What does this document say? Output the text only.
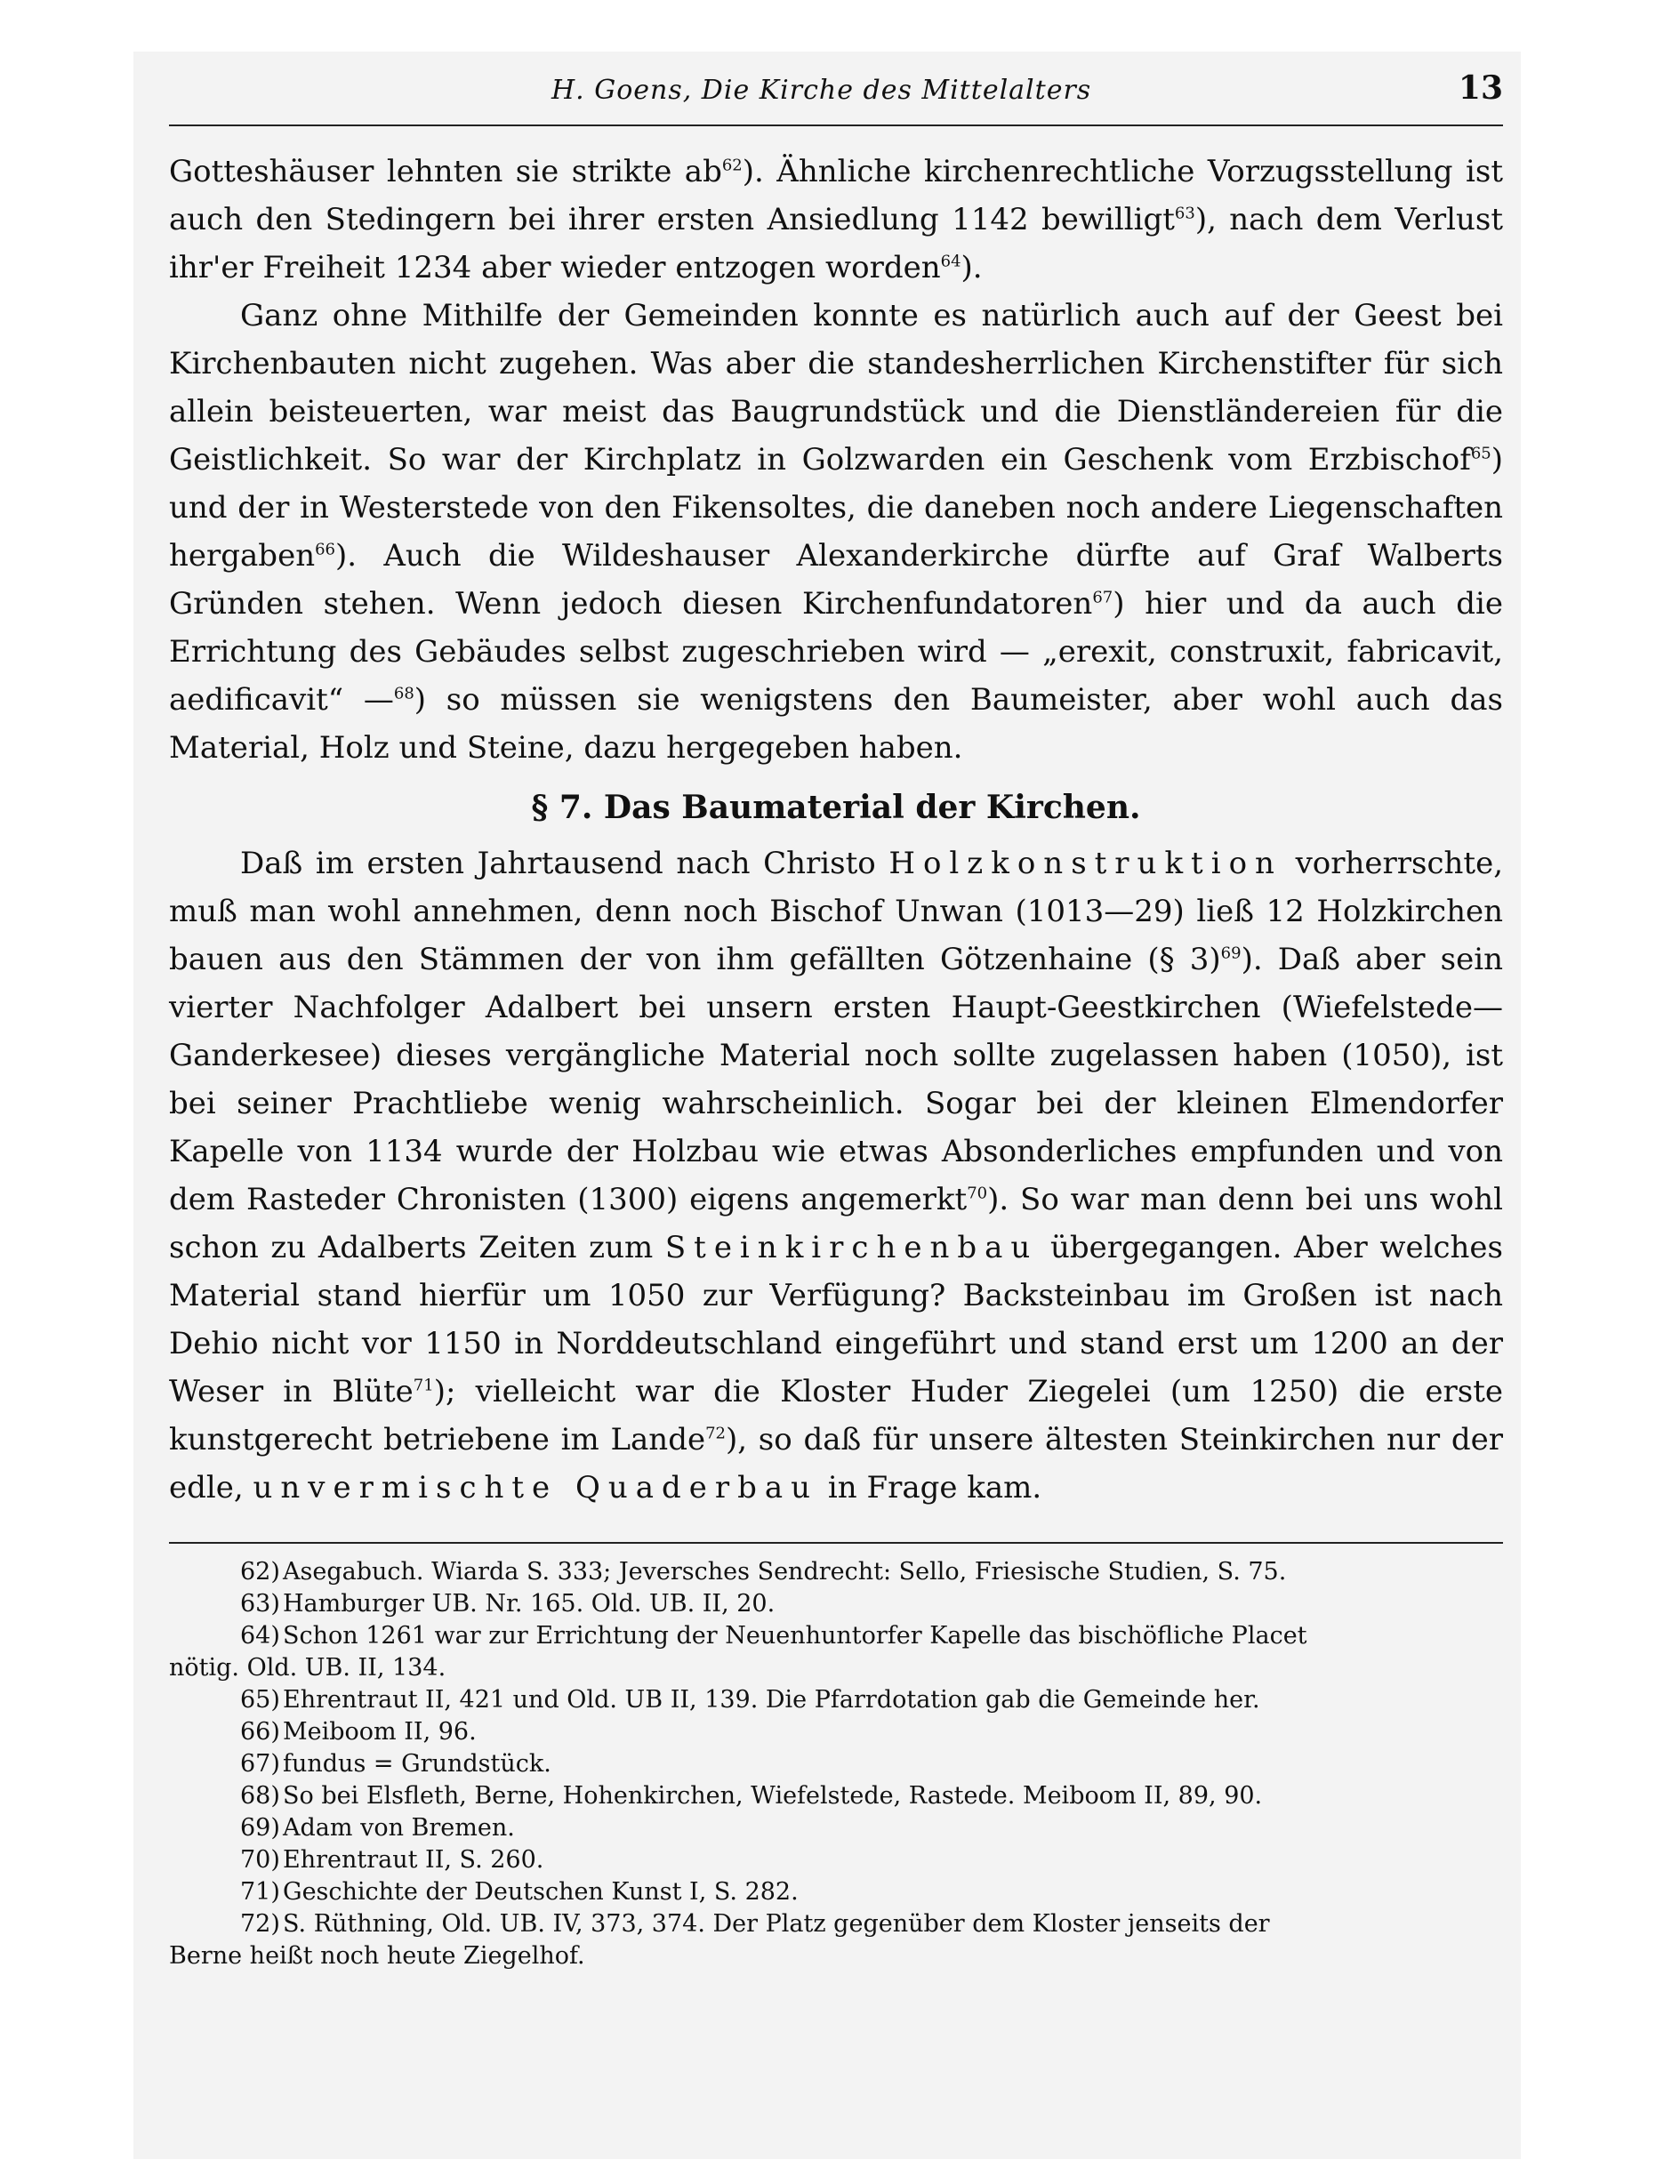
H. Goens, Die Kirche des Mittelalters	13

Gotteshäuser lehnten sie strikte $ab^{62}$). Ähnliche kirchenrechtliche Vorzugsstellung ist auch den Stedingern bei ihrer ersten Ansiedlung 1142 bewilligt$^{63}$), nach dem Verlust ihr'er Freiheit 1234 aber wieder entzogen worden$^{64}$).

Ganz ohne Mithilfe der Gemeinden konnte es natürlich auch auf der Geest bei Kirchenbauten nicht zugehen. Was aber die standesherrlichen Kirchenstifter für sich allein beisteuerten, war meist das Baugrundstück und die Dienstländereien für die Geistlichkeit. So war der Kirchplatz in Golzwarden ein Geschenk vom Erzbischof$^{65}$) und der in Westerstede von den Fikensoltes, die daneben noch andere Liegenschaften hergaben$^{66}$). Auch die Wildeshauser Alexanderkirche dürfte auf Graf Walberts Gründen stehen. Wenn jedoch diesen Kirchenfundatoren$^{67}$) hier und da auch die Errichtung des Gebäudes selbst zugeschrieben wird — „erexit, construxit, fabricavit, aedificavit“ —$^{68}$) so müssen sie wenigstens den Baumeister, aber wohl auch das Material, Holz und Steine, dazu hergegeben haben.

§ 7. Das Baumaterial der Kirchen.

Daß im ersten Jahrtausend nach Christo Holzkonstruktion vorherrschte, muß man wohl annehmen, denn noch Bischof Unwan (1013—29) ließ 12 Holzkirchen bauen aus den Stämmen der von ihm gefällten Götzenhaine (§ 3)$^{69}$). Daß aber sein vierter Nachfolger Adalbert bei unsern ersten Haupt-Geestkirchen (Wiefelstede—Ganderkesee) dieses vergängliche Material noch sollte zugelassen haben (1050), ist bei seiner Prachtliebe wenig wahrscheinlich. Sogar bei der kleinen Elmendorfer Kapelle von 1134 wurde der Holzbau wie etwas Absonderliches empfunden und von dem Rasteder Chronisten (1300) eigens angemerkt$^{70}$). So war man denn bei uns wohl schon zu Adalberts Zeiten zum Steinkirchenbau übergegangen. Aber welches Material stand hierfür um 1050 zur Verfügung? Backsteinbau im Großen ist nach Dehio nicht vor 1150 in Norddeutschland eingeführt und stand erst um 1200 an der Weser in Blüte$^{71}$); vielleicht war die Kloster Huder Ziegelei (um 1250) die erste kunstgerecht betriebene im Lande$^{72}$), so daß für unsere ältesten Steinkirchen nur der edle, unvermischte Quaderbau in Frage kam.

62) Asegabuch. Wiarda S. 333; Jeversches Sendrecht: Sello, Friesische Studien, S. 75.
63) Hamburger UB. Nr. 165. Old. UB. II, 20.
64) Schon 1261 war zur Errichtung der Neuenhuntorfer Kapelle das bischöfliche Placet
nötig. Old. UB. II, 134.
65) Ehrentraut II, 421 und Old. UB II, 139. Die Pfarrdotation gab die Gemeinde her.
66) Meiboom II, 96.
67) fundus = Grundstück.
68) So bei Elsfleth, Berne, Hohenkirchen, Wiefelstede, Rastede. Meiboom II, 89, 90.
69) Adam von Bremen.
70) Ehrentraut II, S. 260.
71) Geschichte der Deutschen Kunst I, S. 282.
72) S. Rüthning, Old. UB. IV, 373, 374. Der Platz gegenüber dem Kloster jenseits der
Berne heißt noch heute Ziegelhof.
